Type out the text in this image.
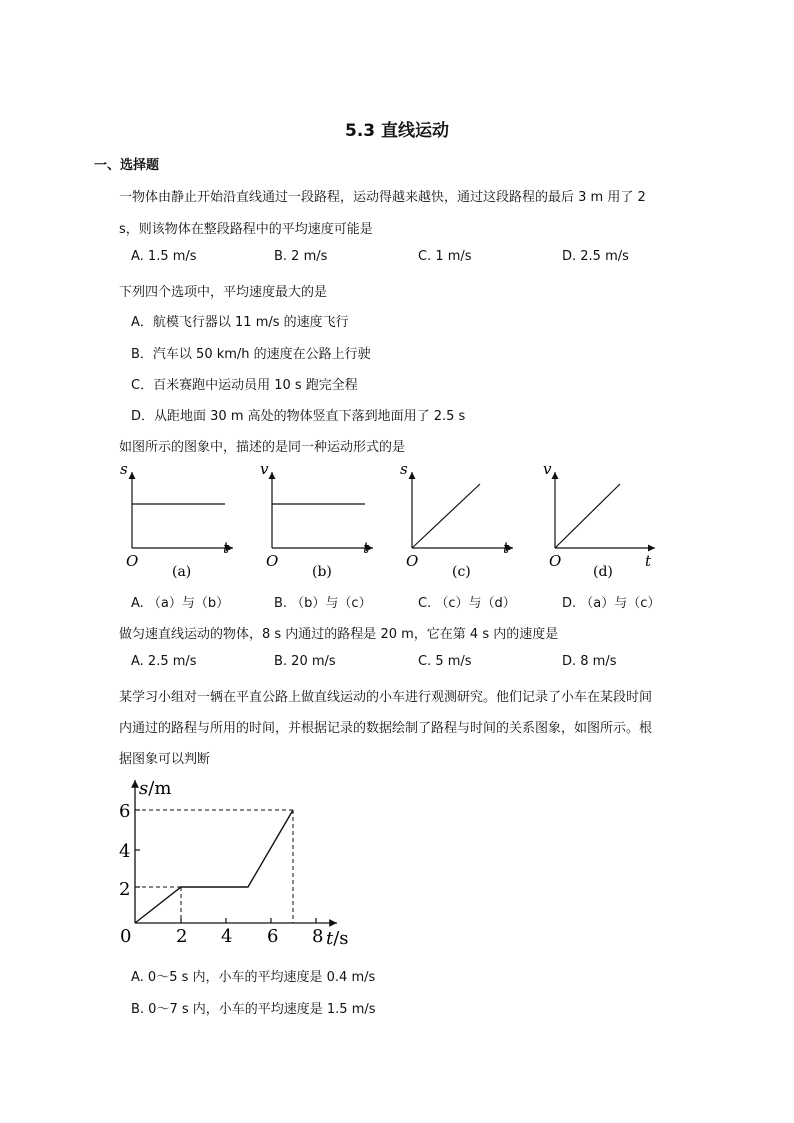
5.3 直线运动
一、选择题
一物体由静止开始沿直线通过一段路程，运动得越来越快，通过这段路程的最后 3 m 用了 2
s，则该物体在整段路程中的平均速度可能是
A. 1.5 m/s	B. 2 m/s	C. 1 m/s	D. 2.5 m/s
下列四个选项中，平均速度最大的是
A．航模飞行器以 11 m/s 的速度飞行
B．汽车以 50 km/h 的速度在公路上行驶
C．百米赛跑中运动员用 10 s 跑完全程
D．从距地面 30 m 高处的物体竖直下落到地面用了 2.5 s
如图所示的图象中，描述的是同一种运动形式的是
s
t
O
(a)
v
t
O
(b)
s
t
O
(c)
v
t
O
(d)
A. （a）与（b）	B. （b）与（c）	C. （c）与（d）	D. （a）与（c）
做匀速直线运动的物体，8 s 内通过的路程是 20 m，它在第 4 s 内的速度是
A. 2.5 m/s	B. 20 m/s	C. 5 m/s	D. 8 m/s
某学习小组对一辆在平直公路上做直线运动的小车进行观测研究。他们记录了小车在某段时间
内通过的路程与所用的时间，并根据记录的数据绘制了路程与时间的关系图象，如图所示。根
据图象可以判断
s/m
t/s
6
4
2
0 2 4 6 8
A. 0～5 s 内，小车的平均速度是 0.4 m/s
B. 0～7 s 内，小车的平均速度是 1.5 m/s
